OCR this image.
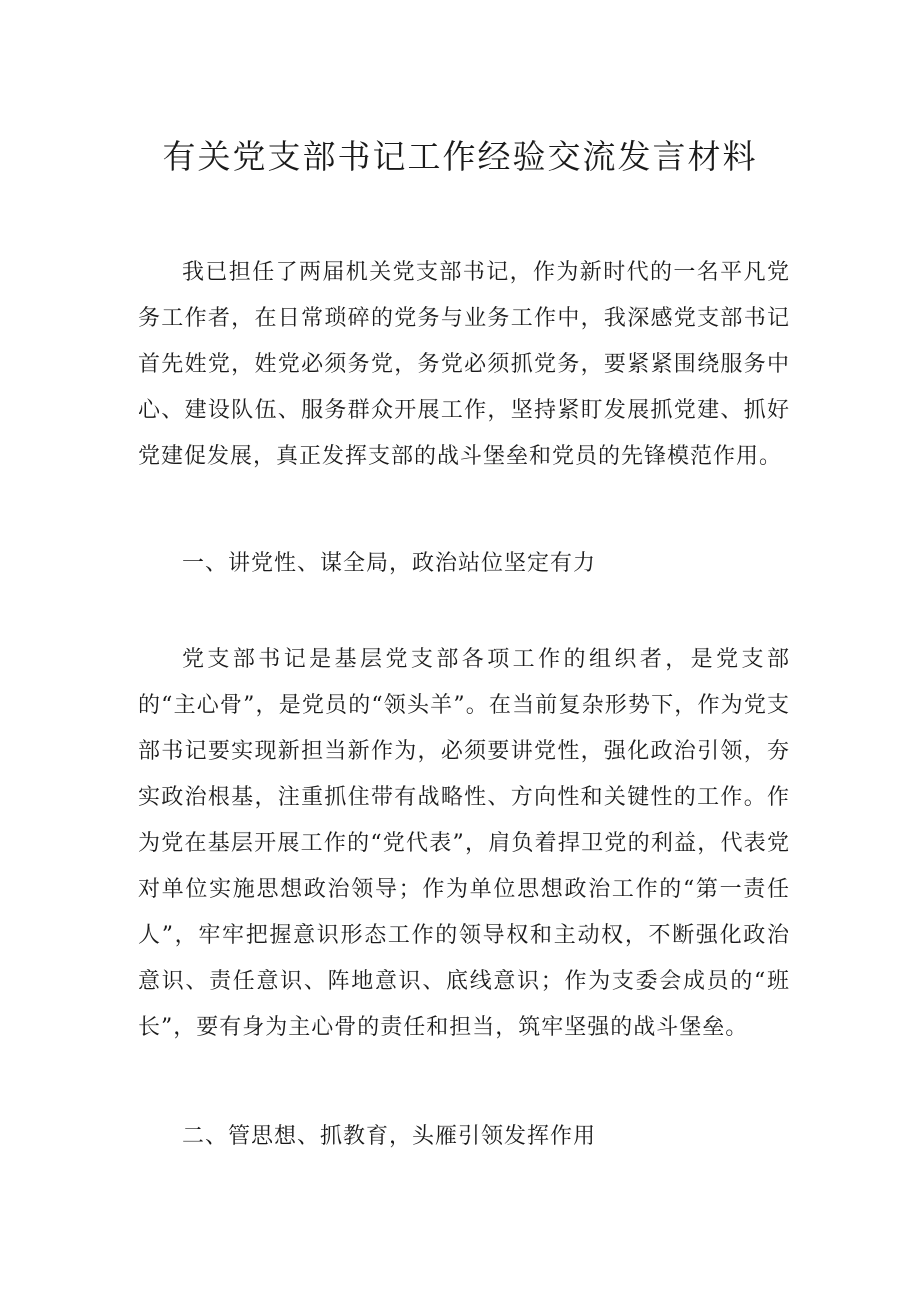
有关党支部书记工作经验交流发言材料

我已担任了两届机关党支部书记，作为新时代的一名平凡党务工作者，在日常琐碎的党务与业务工作中，我深感党支部书记首先姓党，姓党必须务党，务党必须抓党务，要紧紧围绕服务中心、建设队伍、服务群众开展工作，坚持紧盯发展抓党建、抓好党建促发展，真正发挥支部的战斗堡垒和党员的先锋模范作用。

一、讲党性、谋全局，政治站位坚定有力

党支部书记是基层党支部各项工作的组织者，是党支部的“主心骨”，是党员的“领头羊”。在当前复杂形势下，作为党支部书记要实现新担当新作为，必须要讲党性，强化政治引领，夯实政治根基，注重抓住带有战略性、方向性和关键性的工作。作为党在基层开展工作的“党代表”，肩负着捍卫党的利益，代表党对单位实施思想政治领导；作为单位思想政治工作的“第一责任人”，牢牢把握意识形态工作的领导权和主动权，不断强化政治意识、责任意识、阵地意识、底线意识；作为支委会成员的“班长”，要有身为主心骨的责任和担当，筑牢坚强的战斗堡垒。

二、管思想、抓教育，头雁引领发挥作用
